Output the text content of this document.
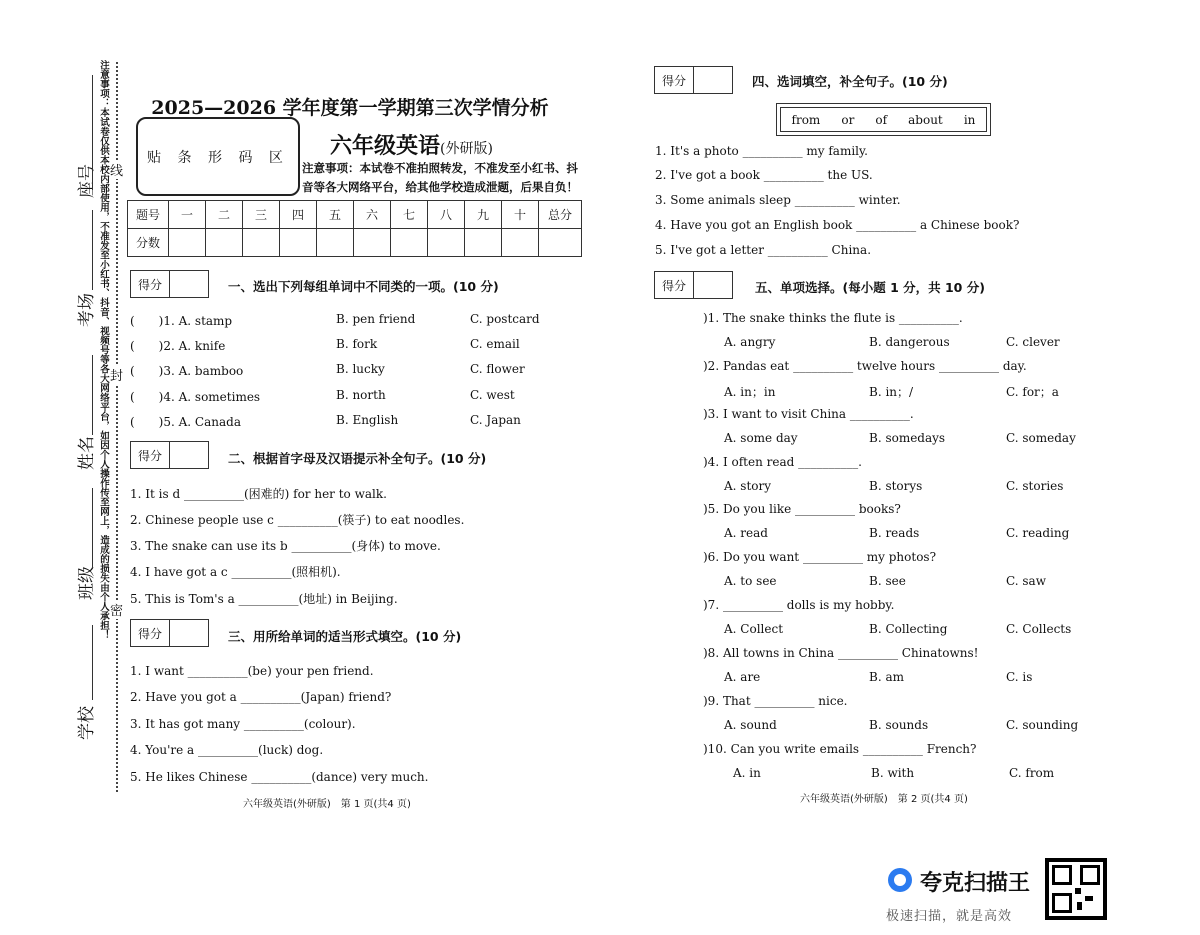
注意事项：本试卷仅供本校内部使用，不准发至小红书、抖音、视频号等各大网络平台，如因个人操作传至网上，造成的损失由个人承担！ 线
封
密
座号
考场
姓名
班级
学校
2025—2026 学年度第一学期第三次学情分析
贴 条 形 码 区 六年级英语(外研版)
注意事项：本试卷不准拍照转发，不准发至小红书、抖音等各大网络平台，给其他学校造成泄题，后果自负！
题号	一	二	三	四	五	六	七	八	九	十	总分
分数											
得分	一、选出下列每组单词中不同类的一项。(10 分)
(　　)1. A. stamp	B. pen friend	C. postcard
(　　)2. A. knife	B. fork	C. email
(　　)3. A. bamboo	B. lucky	C. flower
(　　)4. A. sometimes	B. north	C. west
(　　)5. A. Canada	B. English	C. Japan
得分	二、根据首字母及汉语提示补全句子。(10 分)
1. It is d __________(困难的) for her to walk.
2. Chinese people use c __________(筷子) to eat noodles.
3. The snake can use its b __________(身体) to move.
4. I have got a c __________(照相机).
5. This is Tom's a __________(地址) in Beijing.
得分	三、用所给单词的适当形式填空。(10 分)
1. I want __________(be) your pen friend.
2. Have you got a __________(Japan) friend?
3. It has got many __________(colour).
4. You're a __________(luck) dog.
5. He likes Chinese __________(dance) very much.
六年级英语(外研版)　第 1 页(共4 页)
得分	四、选词填空，补全句子。(10 分)
from or of about in
1. It's a photo __________ my family.
2. I've got a book __________ the US.
3. Some animals sleep __________ winter.
4. Have you got an English book __________ a Chinese book?
5. I've got a letter __________ China.
得分	五、单项选择。(每小题 1 分，共 10 分)
)1. The snake thinks the flute is __________.
A. angry	B. dangerous	C. clever
)2. Pandas eat __________ twelve hours __________ day.
A. in；in	B. in；/	C. for；a
)3. I want to visit China __________.
A. some day	B. somedays	C. someday
)4. I often read __________.
A. story	B. storys	C. stories
)5. Do you like __________ books?
A. read	B. reads	C. reading
)6. Do you want __________ my photos?
A. to see	B. see	C. saw
)7. __________ dolls is my hobby.
A. Collect	B. Collecting	C. Collects
)8. All towns in China __________ Chinatowns!
A. are	B. am	C. is
)9. That __________ nice.
A. sound	B. sounds	C. sounding
)10. Can you write emails __________ French?
A. in	B. with	C. from
六年级英语(外研版)　第 2 页(共4 页)
夸克扫描王
极速扫描，就是高效
